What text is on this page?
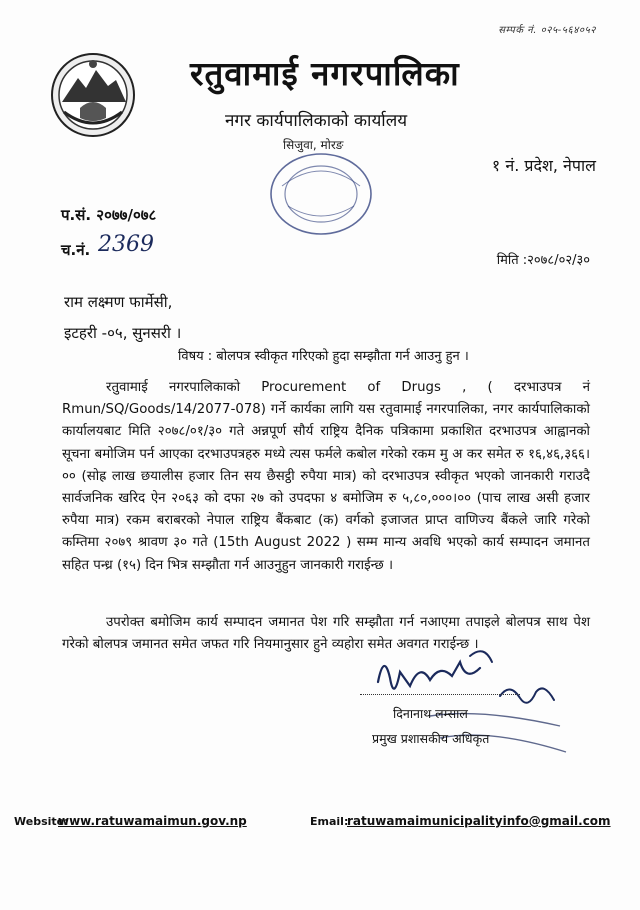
सम्पर्क नं. ०२५-५६४०५२
रतुवामाई नगरपालिका
नगर कार्यपालिकाको कार्यालय
सिजुवा, मोरङ
१ नं. प्रदेश, नेपाल
प.सं. २०७७/०७८
च.नं. 2369
मिति :२०७८/०२/३०
राम लक्ष्मण फार्मेसी,
इटहरी -०५, सुनसरी ।
विषय : बोलपत्र स्वीकृत गरिएको हुदा सम्झौता गर्न आउनु हुन ।

रतुवामाई नगरपालिकाको Procurement of Drugs , ( दरभाउपत्र नं Rmun/SQ/Goods/14/2077-078) गर्ने कार्यका लागि यस रतुवामाई नगरपालिका, नगर कार्यपालिकाको कार्यालयबाट मिति २०७८/०१/३० गते अन्नपूर्ण सौर्य राष्ट्रिय दैनिक पत्रिकामा प्रकाशित दरभाउपत्र आह्वानको सूचना बमोजिम पर्न आएका दरभाउपत्रहरु मध्ये त्यस फर्मले कबोल गरेको रकम मु अ कर समेत रु १६,४६,३६६।०० (सोह्र लाख छयालीस हजार तिन सय छैसट्ठी रुपैया मात्र) को दरभाउपत्र स्वीकृत भएको जानकारी गराउदै सार्वजनिक खरिद ऐन २०६३ को दफा २७ को उपदफा ४ बमोजिम रु ५,८०,०००।०० (पाच लाख असी हजार रुपैया मात्र) रकम बराबरको नेपाल राष्ट्रिय बैंकबाट (क) वर्गको इजाजत प्राप्त वाणिज्य बैंकले जारि गरेको कम्तिमा २०७९ श्रावण ३० गते (15th August 2022 ) सम्म मान्य अवधि भएको कार्य सम्पादन जमानत सहित पन्ध्र (१५) दिन भित्र सम्झौता गर्न आउनुहुन जानकारी गराईन्छ ।

उपरोक्त बमोजिम कार्य सम्पादन जमानत पेश गरि सम्झौता गर्न नआएमा तपाइले बोलपत्र साथ पेश गरेको बोलपत्र जमानत समेत जफत गरि नियमानुसार हुने व्यहोरा समेत अवगत गराईन्छ ।

दिनानाथ लम्साल
प्रमुख प्रशासकीय अधिकृत
Website:
www.ratuwamaimun.gov.np	Email:
ratuwamaimunicipalityinfo@gmail.com
